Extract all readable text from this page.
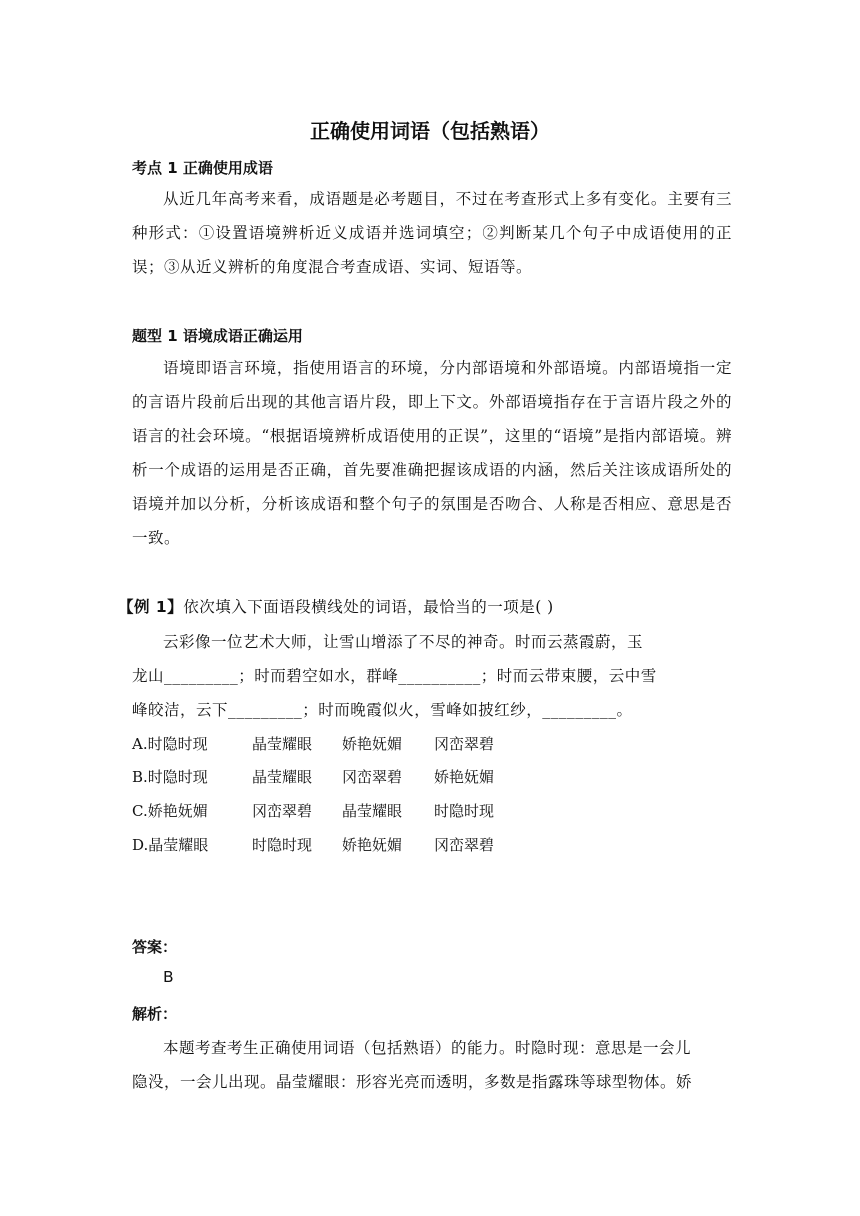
正确使用词语（包括熟语）
考点 1 正确使用成语
从近几年高考来看，成语题是必考题目，不过在考查形式上多有变化。主要有三种形式：①设置语境辨析近义成语并选词填空；②判断某几个句子中成语使用的正误；③从近义辨析的角度混合考查成语、实词、短语等。
题型 1 语境成语正确运用
语境即语言环境，指使用语言的环境，分内部语境和外部语境。内部语境指一定的言语片段前后出现的其他言语片段，即上下文。外部语境指存在于言语片段之外的语言的社会环境。“根据语境辨析成语使用的正误”，这里的“语境”是指内部语境。辨析一个成语的运用是否正确，首先要准确把握该成语的内涵，然后关注该成语所处的语境并加以分析，分析该成语和整个句子的氛围是否吻合、人称是否相应、意思是否一致。
【例 1】依次填入下面语段横线处的词语，最恰当的一项是( )
云彩像一位艺术大师，让雪山增添了不尽的神奇。时而云蒸霞蔚，玉
龙山_________；时而碧空如水，群峰__________；时而云带束腰，云中雪
峰皎洁，云下_________；时而晚霞似火，雪峰如披红纱，_________。
A.时隐时现	晶莹耀眼 娇艳妩媚 冈峦翠碧
B.时隐时现	晶莹耀眼 冈峦翠碧 娇艳妩媚
C.娇艳妩媚	冈峦翠碧 晶莹耀眼 时隐时现
D.晶莹耀眼	时隐时现 娇艳妩媚 冈峦翠碧
答案：
B
解析：
本题考查考生正确使用词语（包括熟语）的能力。时隐时现：意思是一会儿
隐没，一会儿出现。晶莹耀眼：形容光亮而透明，多数是指露珠等球型物体。娇
